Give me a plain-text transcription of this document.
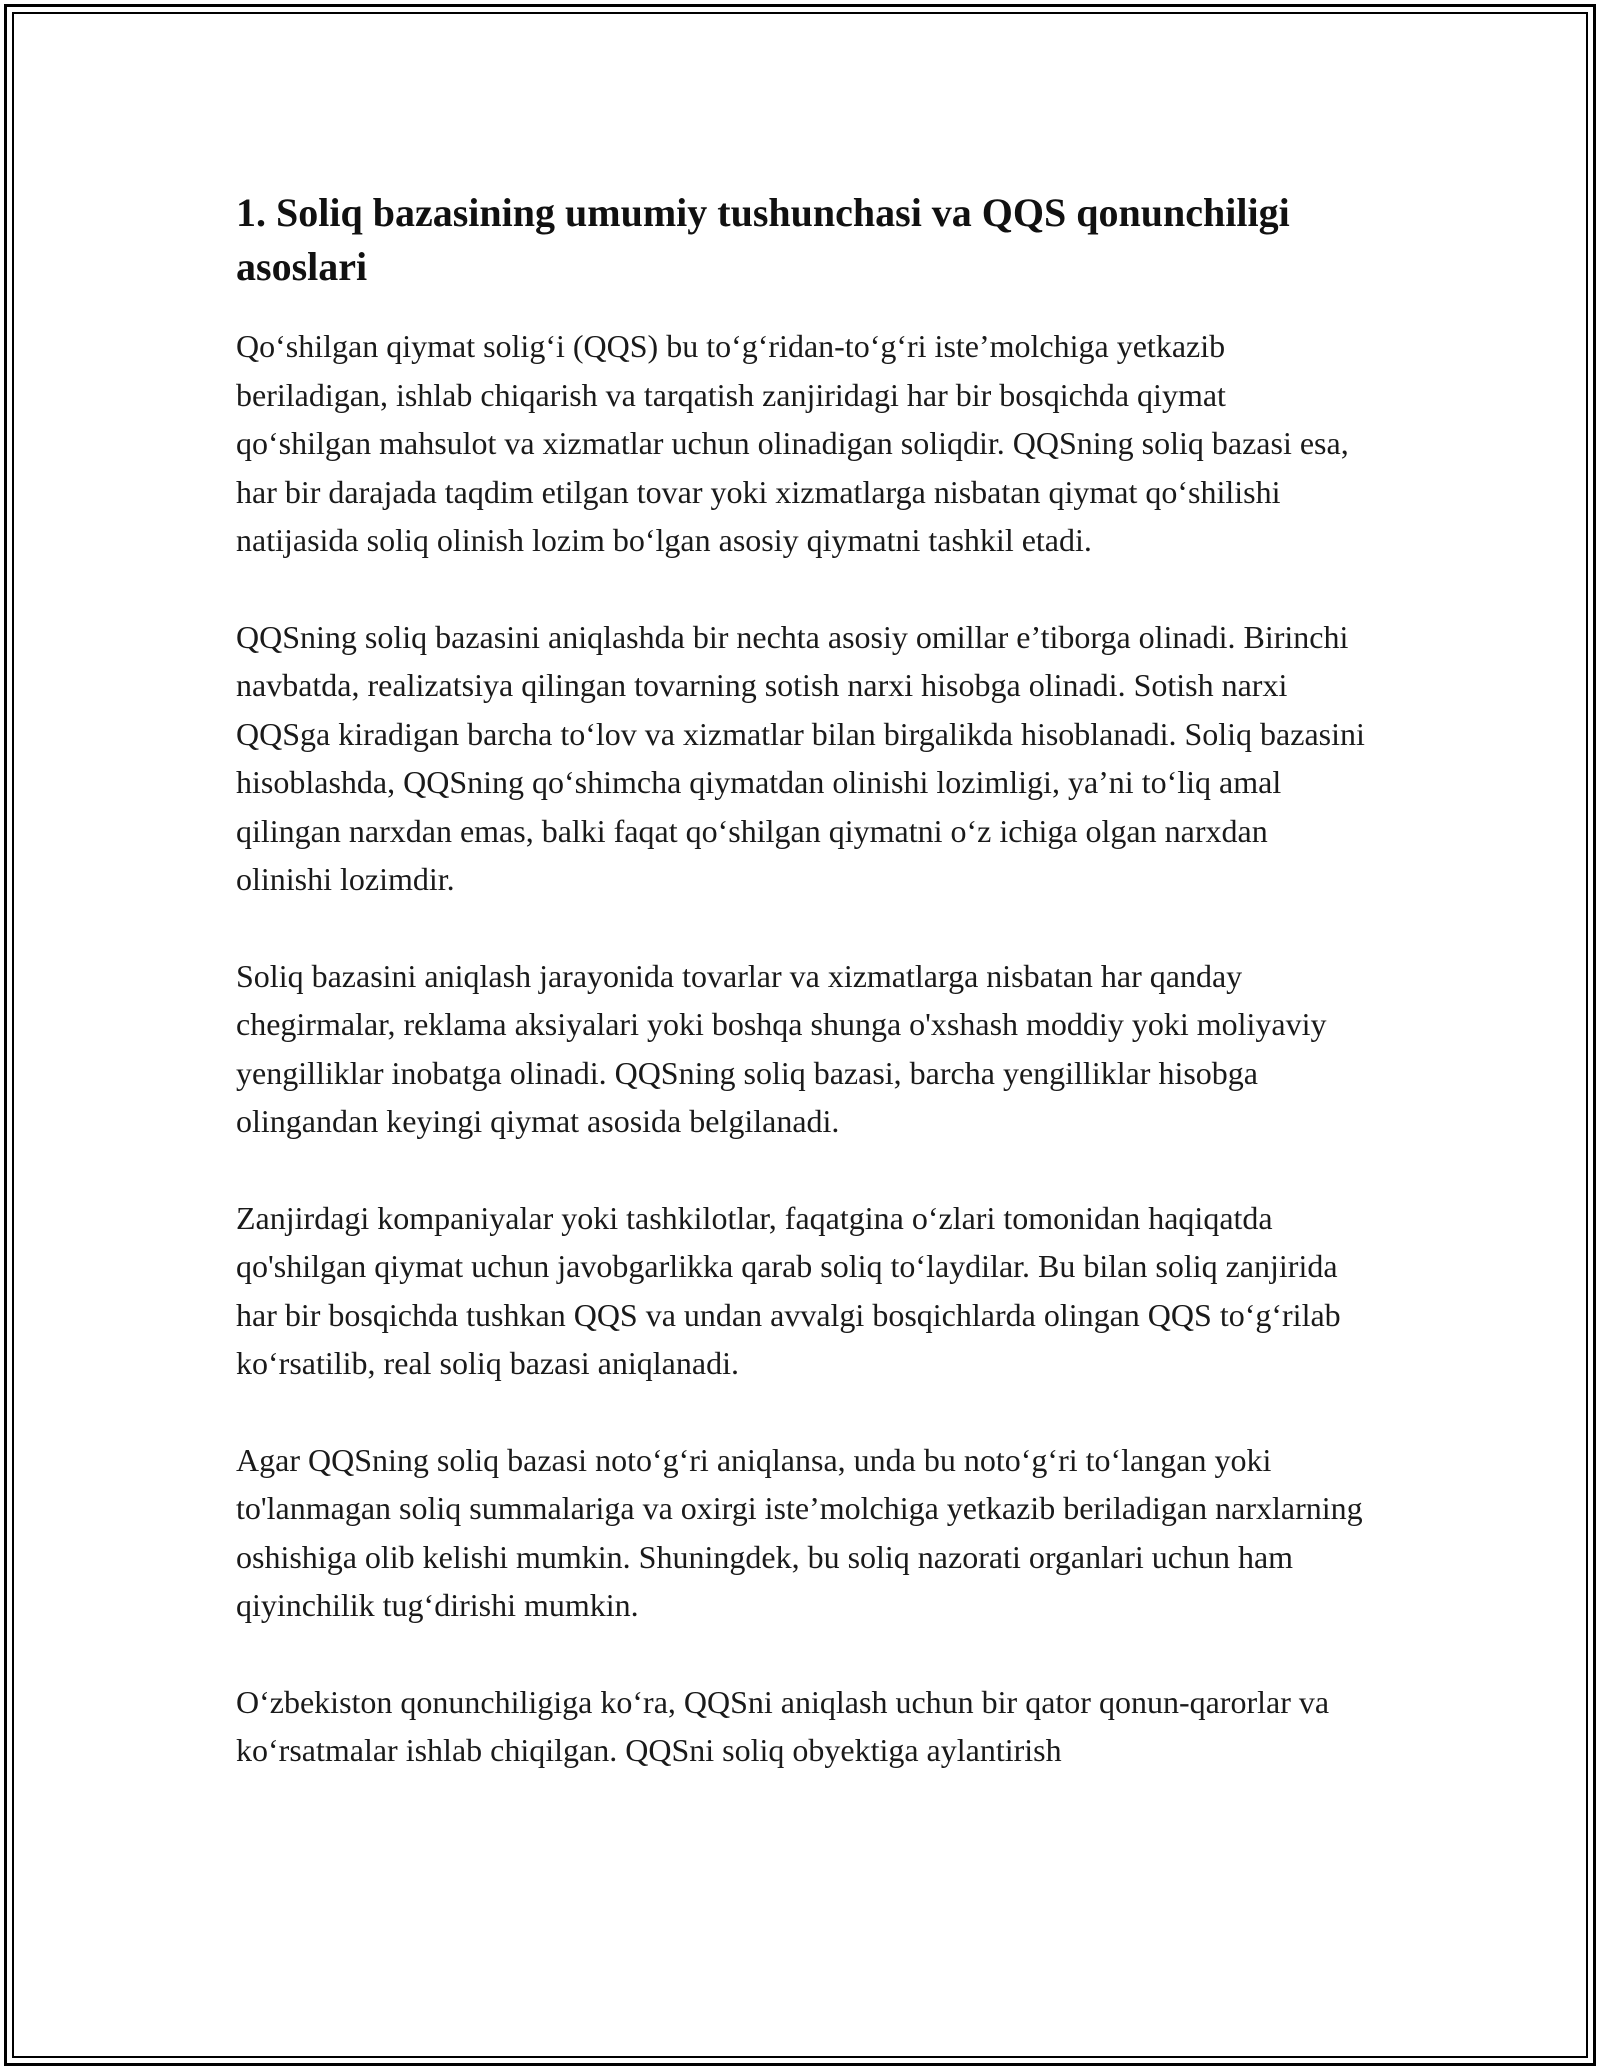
1. Soliq bazasining umumiy tushunchasi va QQS qonunchiligi asoslari

Qo‘shilgan qiymat solig‘i (QQS) bu to‘g‘ridan-to‘g‘ri iste’molchiga yetkazib beriladigan, ishlab chiqarish va tarqatish zanjiridagi har bir bosqichda qiymat qo‘shilgan mahsulot va xizmatlar uchun olinadigan soliqdir. QQSning soliq bazasi esa, har bir darajada taqdim etilgan tovar yoki xizmatlarga nisbatan qiymat qo‘shilishi natijasida soliq olinish lozim bo‘lgan asosiy qiymatni tashkil etadi.

QQSning soliq bazasini aniqlashda bir nechta asosiy omillar e’tiborga olinadi. Birinchi navbatda, realizatsiya qilingan tovarning sotish narxi hisobga olinadi. Sotish narxi QQSga kiradigan barcha to‘lov va xizmatlar bilan birgalikda hisoblanadi. Soliq bazasini hisoblashda, QQSning qo‘shimcha qiymatdan olinishi lozimligi, ya’ni to‘liq amal qilingan narxdan emas, balki faqat qo‘shilgan qiymatni o‘z ichiga olgan narxdan olinishi lozimdir.

Soliq bazasini aniqlash jarayonida tovarlar va xizmatlarga nisbatan har qanday chegirmalar, reklama aksiyalari yoki boshqa shunga o'xshash moddiy yoki moliyaviy yengilliklar inobatga olinadi. QQSning soliq bazasi, barcha yengilliklar hisobga olingandan keyingi qiymat asosida belgilanadi.

Zanjirdagi kompaniyalar yoki tashkilotlar, faqatgina o‘zlari tomonidan haqiqatda qo'shilgan qiymat uchun javobgarlikka qarab soliq to‘laydilar. Bu bilan soliq zanjirida har bir bosqichda tushkan QQS va undan avvalgi bosqichlarda olingan QQS to‘g‘rilab ko‘rsatilib, real soliq bazasi aniqlanadi.

Agar QQSning soliq bazasi noto‘g‘ri aniqlansa, unda bu noto‘g‘ri to‘langan yoki to'lanmagan soliq summalariga va oxirgi iste’molchiga yetkazib beriladigan narxlarning oshishiga olib kelishi mumkin. Shuningdek, bu soliq nazorati organlari uchun ham qiyinchilik tug‘dirishi mumkin.

O‘zbekiston qonunchiligiga ko‘ra, QQSni aniqlash uchun bir qator qonun-qarorlar va ko‘rsatmalar ishlab chiqilgan. QQSni soliq obyektiga aylantirish
